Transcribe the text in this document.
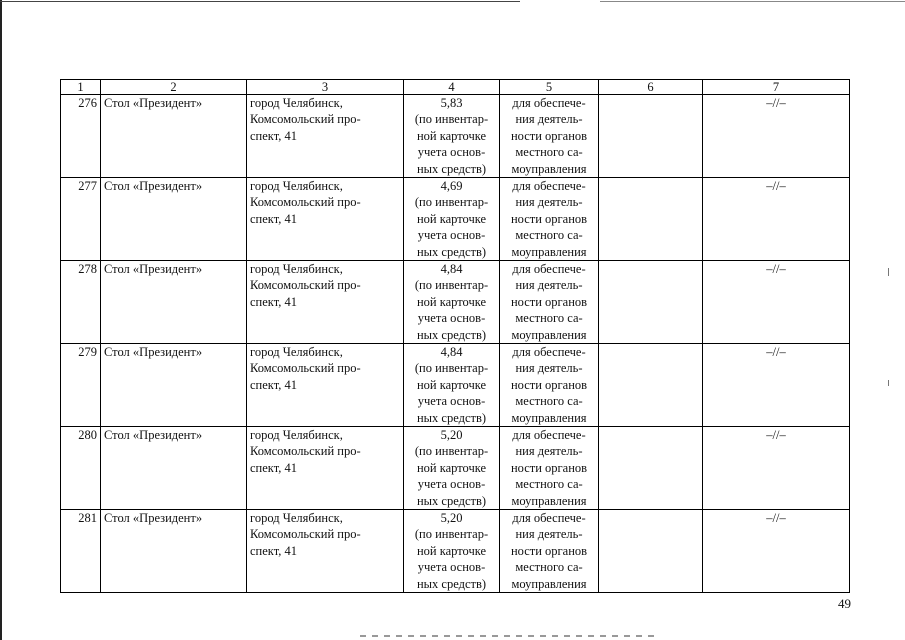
1	2	3	4	5	6	7

276	Стол «Президент»	город Челябинск,
Комсомольский про-
спект, 41	5,83
(по инвентар-
ной карточке
учета основ-
ных средств)	для обеспече-
ния деятель-
ности органов
местного са-
моуправления		–//–

277	Стол «Президент»	город Челябинск,
Комсомольский про-
спект, 41	4,69
(по инвентар-
ной карточке
учета основ-
ных средств)	для обеспече-
ния деятель-
ности органов
местного са-
моуправления		–//–

278	Стол «Президент»	город Челябинск,
Комсомольский про-
спект, 41	4,84
(по инвентар-
ной карточке
учета основ-
ных средств)	для обеспече-
ния деятель-
ности органов
местного са-
моуправления		–//–

279	Стол «Президент»	город Челябинск,
Комсомольский про-
спект, 41	4,84
(по инвентар-
ной карточке
учета основ-
ных средств)	для обеспече-
ния деятель-
ности органов
местного са-
моуправления		–//–

280	Стол «Президент»	город Челябинск,
Комсомольский про-
спект, 41	5,20
(по инвентар-
ной карточке
учета основ-
ных средств)	для обеспече-
ния деятель-
ности органов
местного са-
моуправления		–//–

281	Стол «Президент»	город Челябинск,
Комсомольский про-
спект, 41	5,20
(по инвентар-
ной карточке
учета основ-
ных средств)	для обеспече-
ния деятель-
ности органов
местного са-
моуправления		–//–
49
